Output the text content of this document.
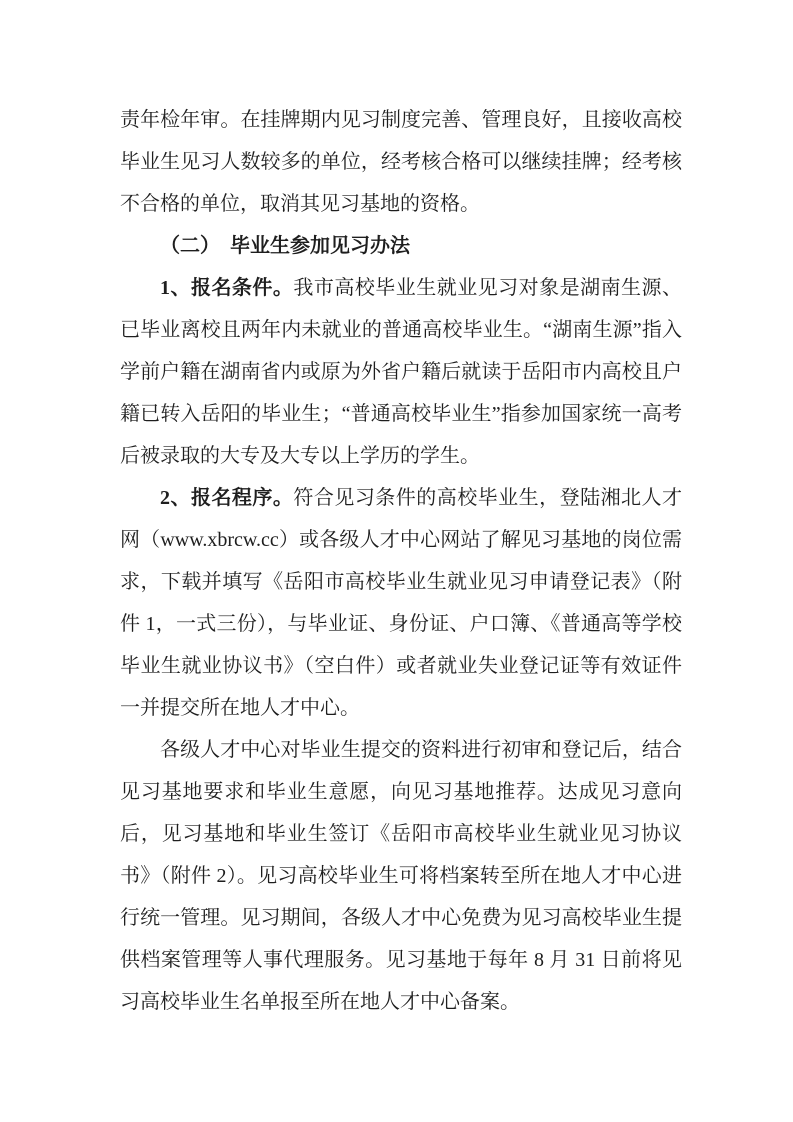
责年检年审。在挂牌期内见习制度完善、管理良好，且接收高校毕业生见习人数较多的单位，经考核合格可以继续挂牌；经考核不合格的单位，取消其见习基地的资格。

（二）　毕业生参加见习办法

1、报名条件。我市高校毕业生就业见习对象是湖南生源、已毕业离校且两年内未就业的普通高校毕业生。“湖南生源”指入学前户籍在湖南省内或原为外省户籍后就读于岳阳市内高校且户籍已转入岳阳的毕业生；“普通高校毕业生”指参加国家统一高考后被录取的大专及大专以上学历的学生。

2、报名程序。符合见习条件的高校毕业生，登陆湘北人才网（www.xbrcw.cc）或各级人才中心网站了解见习基地的岗位需求，下载并填写《岳阳市高校毕业生就业见习申请登记表》（附件 1，一式三份），与毕业证、身份证、户口簿、《普通高等学校毕业生就业协议书》（空白件）或者就业失业登记证等有效证件一并提交所在地人才中心。

各级人才中心对毕业生提交的资料进行初审和登记后，结合见习基地要求和毕业生意愿，向见习基地推荐。达成见习意向后，见习基地和毕业生签订《岳阳市高校毕业生就业见习协议书》（附件 2）。见习高校毕业生可将档案转至所在地人才中心进行统一管理。见习期间，各级人才中心免费为见习高校毕业生提供档案管理等人事代理服务。见习基地于每年 8 月 31 日前将见习高校毕业生名单报至所在地人才中心备案。
